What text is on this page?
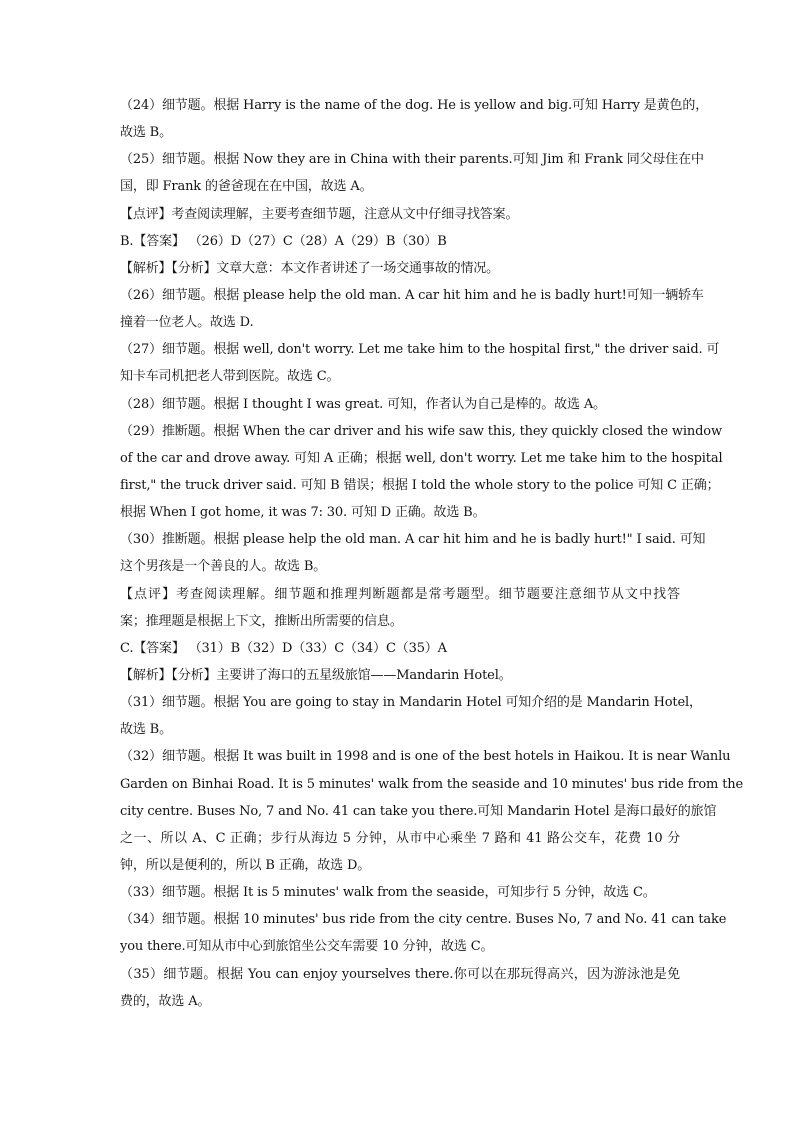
（24）细节题。根据 Harry is the name of the dog. He is yellow and big.可知 Harry 是黄色的，
故选 B。
（25）细节题。根据 Now they are in China with their parents.可知 Jim 和 Frank 同父母住在中
国，即 Frank 的爸爸现在在中国，故选 A。
【点评】考查阅读理解，主要考查细节题，注意从文中仔细寻找答案。
B.【答案】 （26）D（27）C（28）A（29）B（30）B
【解析】【分析】文章大意：本文作者讲述了一场交通事故的情况。
（26）细节题。根据 please help the old man. A car hit him and he is badly hurt!可知一辆轿车
撞着一位老人。故选 D.
（27）细节题。根据 well, don't worry. Let me take him to the hospital first," the driver said. 可
知卡车司机把老人带到医院。故选 C。
（28）细节题。根据 I thought I was great. 可知，作者认为自己是棒的。故选 A。
（29）推断题。根据 When the car driver and his wife saw this, they quickly closed the window
of the car and drove away. 可知 A 正确；根据 well, don't worry. Let me take him to the hospital
first," the truck driver said. 可知 B 错误；根据 I told the whole story to the police 可知 C 正确；
根据 When I got home, it was 7: 30. 可知 D 正确。故选 B。
（30）推断题。根据 please help the old man. A car hit him and he is badly hurt!" I said. 可知
这个男孩是一个善良的人。故选 B。
【点评】考查阅读理解。细节题和推理判断题都是常考题型。细节题要注意细节从文中找答
案；推理题是根据上下文，推断出所需要的信息。
C.【答案】 （31）B（32）D（33）C（34）C（35）A
【解析】【分析】主要讲了海口的五星级旅馆——Mandarin Hotel。
（31）细节题。根据 You are going to stay in Mandarin Hotel 可知介绍的是 Mandarin Hotel，
故选 B。
（32）细节题。根据 It was built in 1998 and is one of the best hotels in Haikou. It is near Wanlu
Garden on Binhai Road. It is 5 minutes' walk from the seaside and 10 minutes' bus ride from the
city centre. Buses No, 7 and No. 41 can take you there.可知 Mandarin Hotel 是海口最好的旅馆
之一、所以 A、C 正确；步行从海边 5 分钟，从市中心乘坐 7 路和 41 路公交车，花费 10 分
钟，所以是便利的，所以 B 正确，故选 D。
（33）细节题。根据 It is 5 minutes' walk from the seaside，可知步行 5 分钟，故选 C。
（34）细节题。根据 10 minutes' bus ride from the city centre. Buses No, 7 and No. 41 can take
you there.可知从市中心到旅馆坐公交车需要 10 分钟，故选 C。
（35）细节题。根据 You can enjoy yourselves there.你可以在那玩得高兴，因为游泳池是免
费的，故选 A。
